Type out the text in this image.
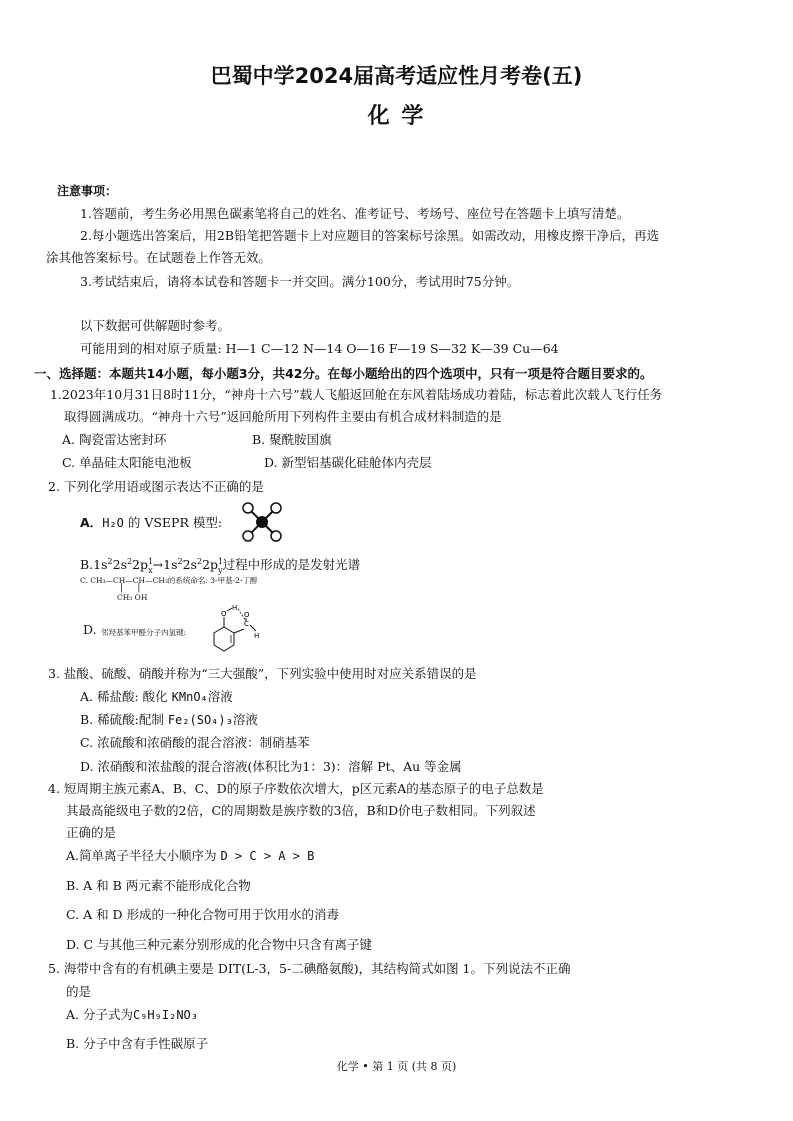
巴蜀中学2024届高考适应性月考卷(五)
化 学
注意事项：
1.答题前，考生务必用黑色碳素笔将自己的姓名、准考证号、考场号、座位号在答题卡上填写清楚。
2.每小题选出答案后，用2B铅笔把答题卡上对应题目的答案标号涂黑。如需改动，用橡皮擦干净后，再选
涂其他答案标号。在试题卷上作答无效。
3.考试结束后，请将本试卷和答题卡一并交回。满分100分，考试用时75分钟。
以下数据可供解题时参考。
可能用到的相对原子质量: H—1 C—12 N—14 O—16 F—19 S—32 K—39 Cu—64
一、选择题：本题共14小题，每小题3分，共42分。在每小题给出的四个选项中，只有一项是符合题目要求的。
1.2023年10月31日8时11分，“神舟十六号”载人飞船返回舱在东风着陆场成功着陆，标志着此次载人飞行任务
取得圆满成功。“神舟十六号”返回舱所用下列构件主要由有机合成材料制造的是
A. 陶瓷雷达密封环	B. 聚酰胺国旗
C. 单晶硅太阳能电池板	D. 新型铝基碳化硅舱体内壳层
2. 下列化学用语或图示表达不正确的是
A．H₂O 的 VSEPR 模型:
$B.1s^22s^22p^1_x\to 1s^22s^22p^1_y$过程中形成的是发射光谱
C. CH₃—CH—CH—CH₃的系统命名: 3-甲基-2-丁醇
|     |
CH₃ OH
D. 邻羟基苯甲醛分子内氢键:
O
H
C
O
H
3. 盐酸、硫酸、硝酸并称为“三大强酸”，下列实验中使用时对应关系错误的是
A. 稀盐酸: 酸化 KMnO₄溶液
B. 稀硫酸:配制 Fe₂(SO₄)₃溶液
C. 浓硫酸和浓硝酸的混合溶液：制硝基苯
D. 浓硝酸和浓盐酸的混合溶液(体积比为1：3)：溶解 Pt、Au 等金属
4. 短周期主族元素A、B、C、D的原子序数依次增大，p区元素A的基态原子的电子总数是
其最高能级电子数的2倍，C的周期数是族序数的3倍，B和D价电子数相同。下列叙述
正确的是
A.简单离子半径大小顺序为 D > C > A > B
B. A 和 B 两元素不能形成化合物
C. A 和 D 形成的一种化合物可用于饮用水的消毒
D. C 与其他三种元素分别形成的化合物中只含有离子键
5. 海带中含有的有机碘主要是 DIT(L-3，5-二碘酪氨酸)，其结构简式如图 1。下列说法不正确
的是
A. 分子式为C₉H₉I₂NO₃
B. 分子中含有手性碳原子
化学 • 第 1 页 (共 8 页)
